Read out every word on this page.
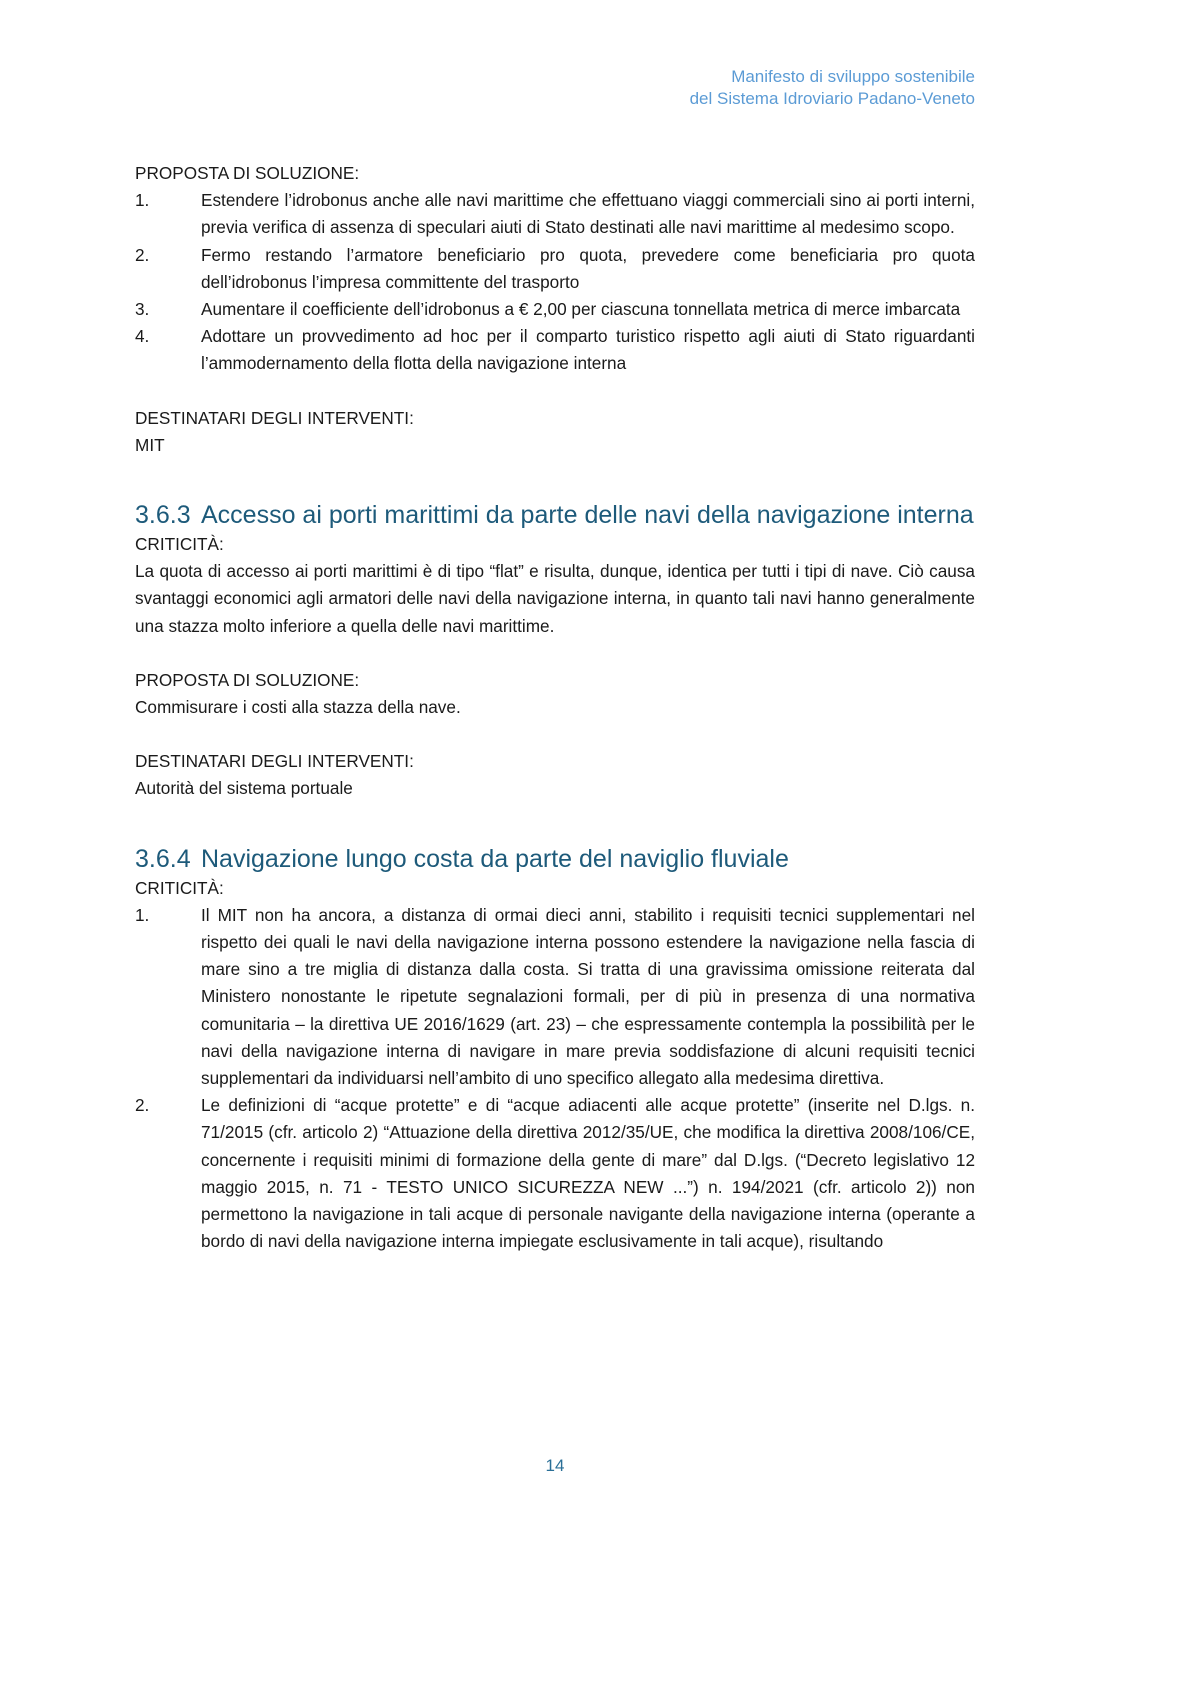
Manifesto di sviluppo sostenibile
del Sistema Idroviario Padano-Veneto

PROPOSTA DI SOLUZIONE:

1.	Estendere l’idrobonus anche alle navi marittime che effettuano viaggi commerciali sino ai porti interni, previa verifica di assenza di speculari aiuti di Stato destinati alle navi marittime al medesimo scopo.
2.	Fermo restando l’armatore beneficiario pro quota, prevedere come beneficiaria pro quota dell’idrobonus l’impresa committente del trasporto
3.	Aumentare il coefficiente dell’idrobonus a € 2,00 per ciascuna tonnellata metrica di merce imbarcata
4.	Adottare un provvedimento ad hoc per il comparto turistico rispetto agli aiuti di Stato riguardanti l’ammodernamento della flotta della navigazione interna

DESTINATARI DEGLI INTERVENTI:

MIT

3.6.3 Accesso ai porti marittimi da parte delle navi della navigazione interna

CRITICITÀ:

La quota di accesso ai porti marittimi è di tipo “flat” e risulta, dunque, identica per tutti i tipi di nave. Ciò causa svantaggi economici agli armatori delle navi della navigazione interna, in quanto tali navi hanno generalmente una stazza molto inferiore a quella delle navi marittime.

PROPOSTA DI SOLUZIONE:

Commisurare i costi alla stazza della nave.

DESTINATARI DEGLI INTERVENTI:

Autorità del sistema portuale

3.6.4 Navigazione lungo costa da parte del naviglio fluviale

CRITICITÀ:

1.	Il MIT non ha ancora, a distanza di ormai dieci anni, stabilito i requisiti tecnici supplementari nel rispetto dei quali le navi della navigazione interna possono estendere la navigazione nella fascia di mare sino a tre miglia di distanza dalla costa. Si tratta di una gravissima omissione reiterata dal Ministero nonostante le ripetute segnalazioni formali, per di più in presenza di una normativa comunitaria – la direttiva UE 2016/1629 (art. 23) – che espressamente contempla la possibilità per le navi della navigazione interna di navigare in mare previa soddisfazione di alcuni requisiti tecnici supplementari da individuarsi nell’ambito di uno specifico allegato alla medesima direttiva.
2.	Le definizioni di “acque protette” e di “acque adiacenti alle acque protette” (inserite nel D.lgs. n. 71/2015 (cfr. articolo 2) “Attuazione della direttiva 2012/35/UE, che modifica la direttiva 2008/106/CE, concernente i requisiti minimi di formazione della gente di mare” dal D.lgs. (“Decreto legislativo 12 maggio 2015, n. 71 - TESTO UNICO SICUREZZA NEW ...”) n. 194/2021 (cfr. articolo 2)) non permettono la navigazione in tali acque di personale navigante della navigazione interna (operante a bordo di navi della navigazione interna impiegate esclusivamente in tali acque), risultando
14
